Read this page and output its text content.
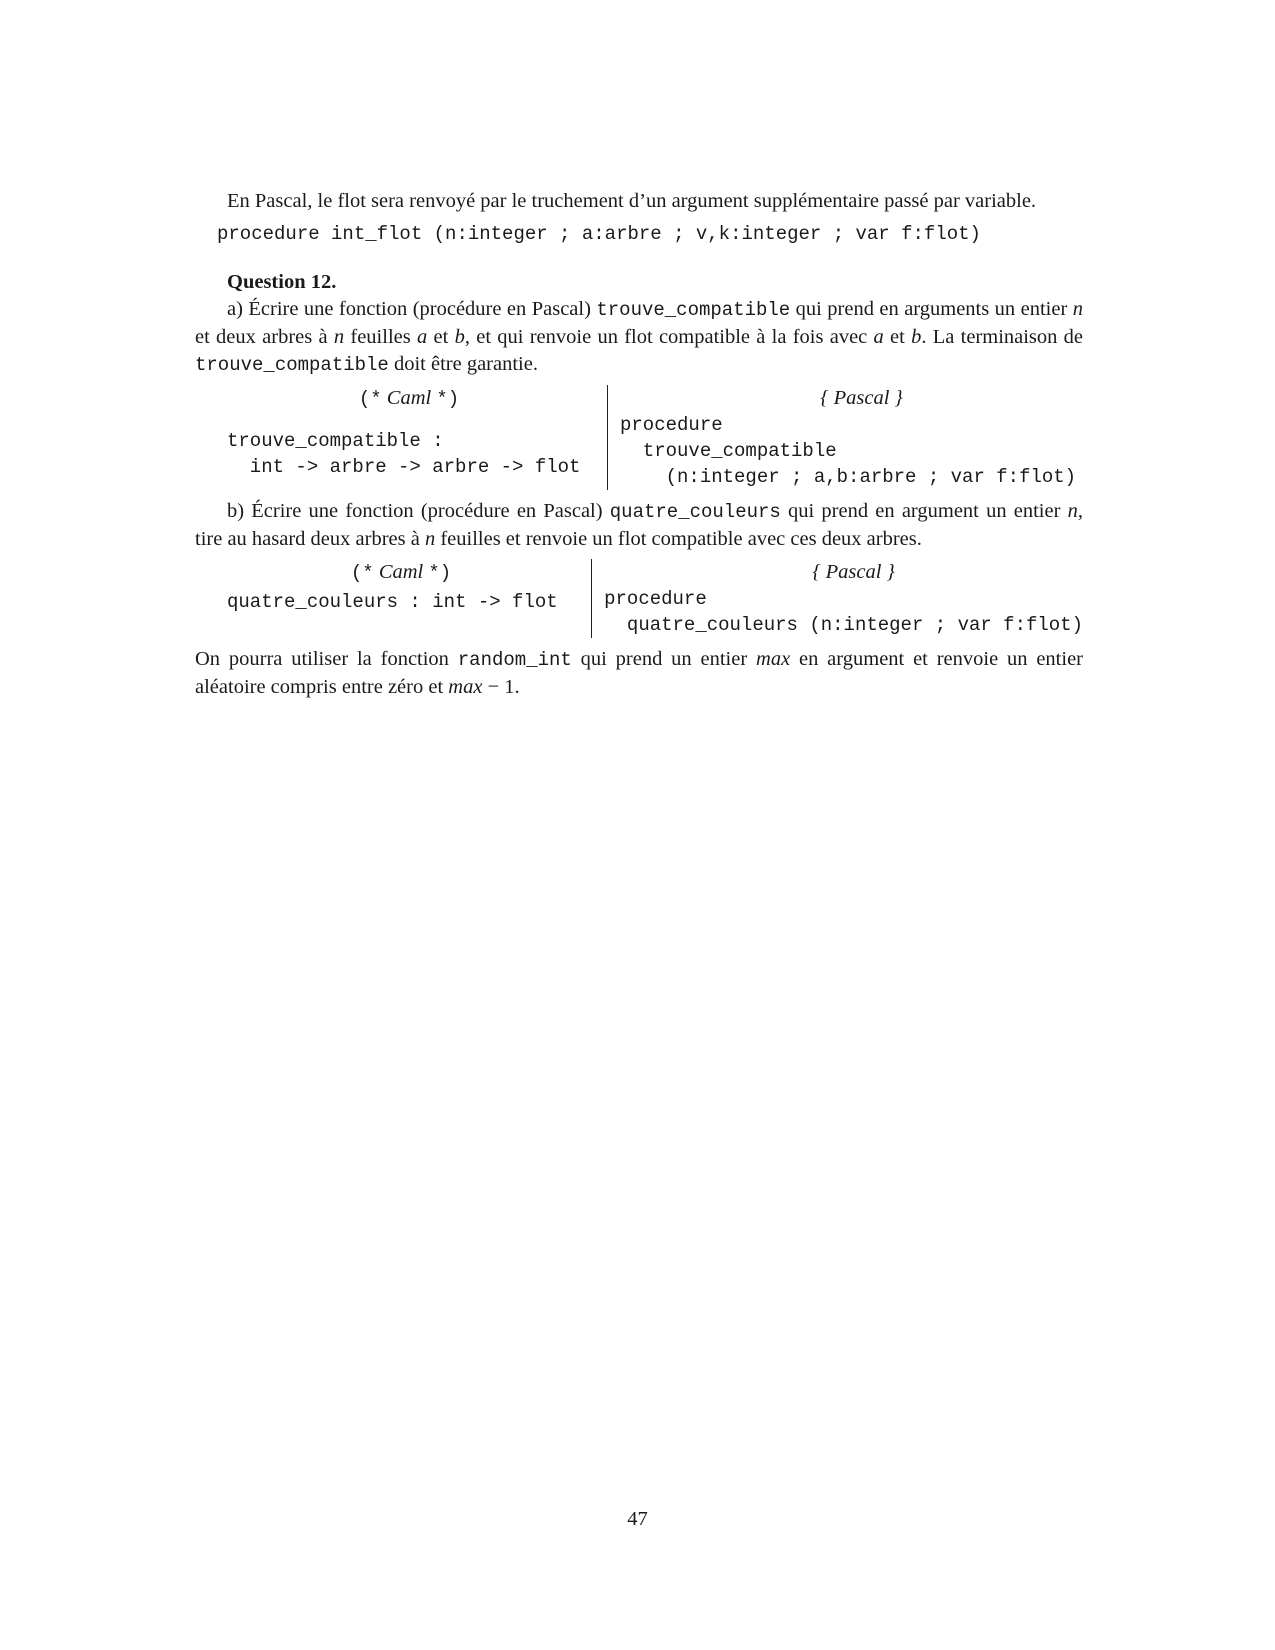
En Pascal, le flot sera renvoyé par le truchement d’un argument supplémentaire passé par variable.

procedure int_flot (n:integer ; a:arbre ; v,k:integer ; var f:flot)
Question 12.

a) Écrire une fonction (procédure en Pascal) trouve_compatible qui prend en arguments un entier n et deux arbres à n feuilles a et b, et qui renvoie un flot compatible à la fois avec a et b. La terminaison de trouve_compatible doit être garantie.

(* Caml *)
trouve_compatible :
int -> arbre -> arbre -> flot
{ Pascal }
procedure
trouve_compatible
(n:integer ; a,b:arbre ; var f:flot)

b) Écrire une fonction (procédure en Pascal) quatre_couleurs qui prend en argument un entier n, tire au hasard deux arbres à n feuilles et renvoie un flot compatible avec ces deux arbres.

(* Caml *)
quatre_couleurs : int -> flot
{ Pascal }
procedure
quatre_couleurs (n:integer ; var f:flot)

On pourra utiliser la fonction random_int qui prend un entier max en argument et renvoie un entier aléatoire compris entre zéro et max − 1.

47
